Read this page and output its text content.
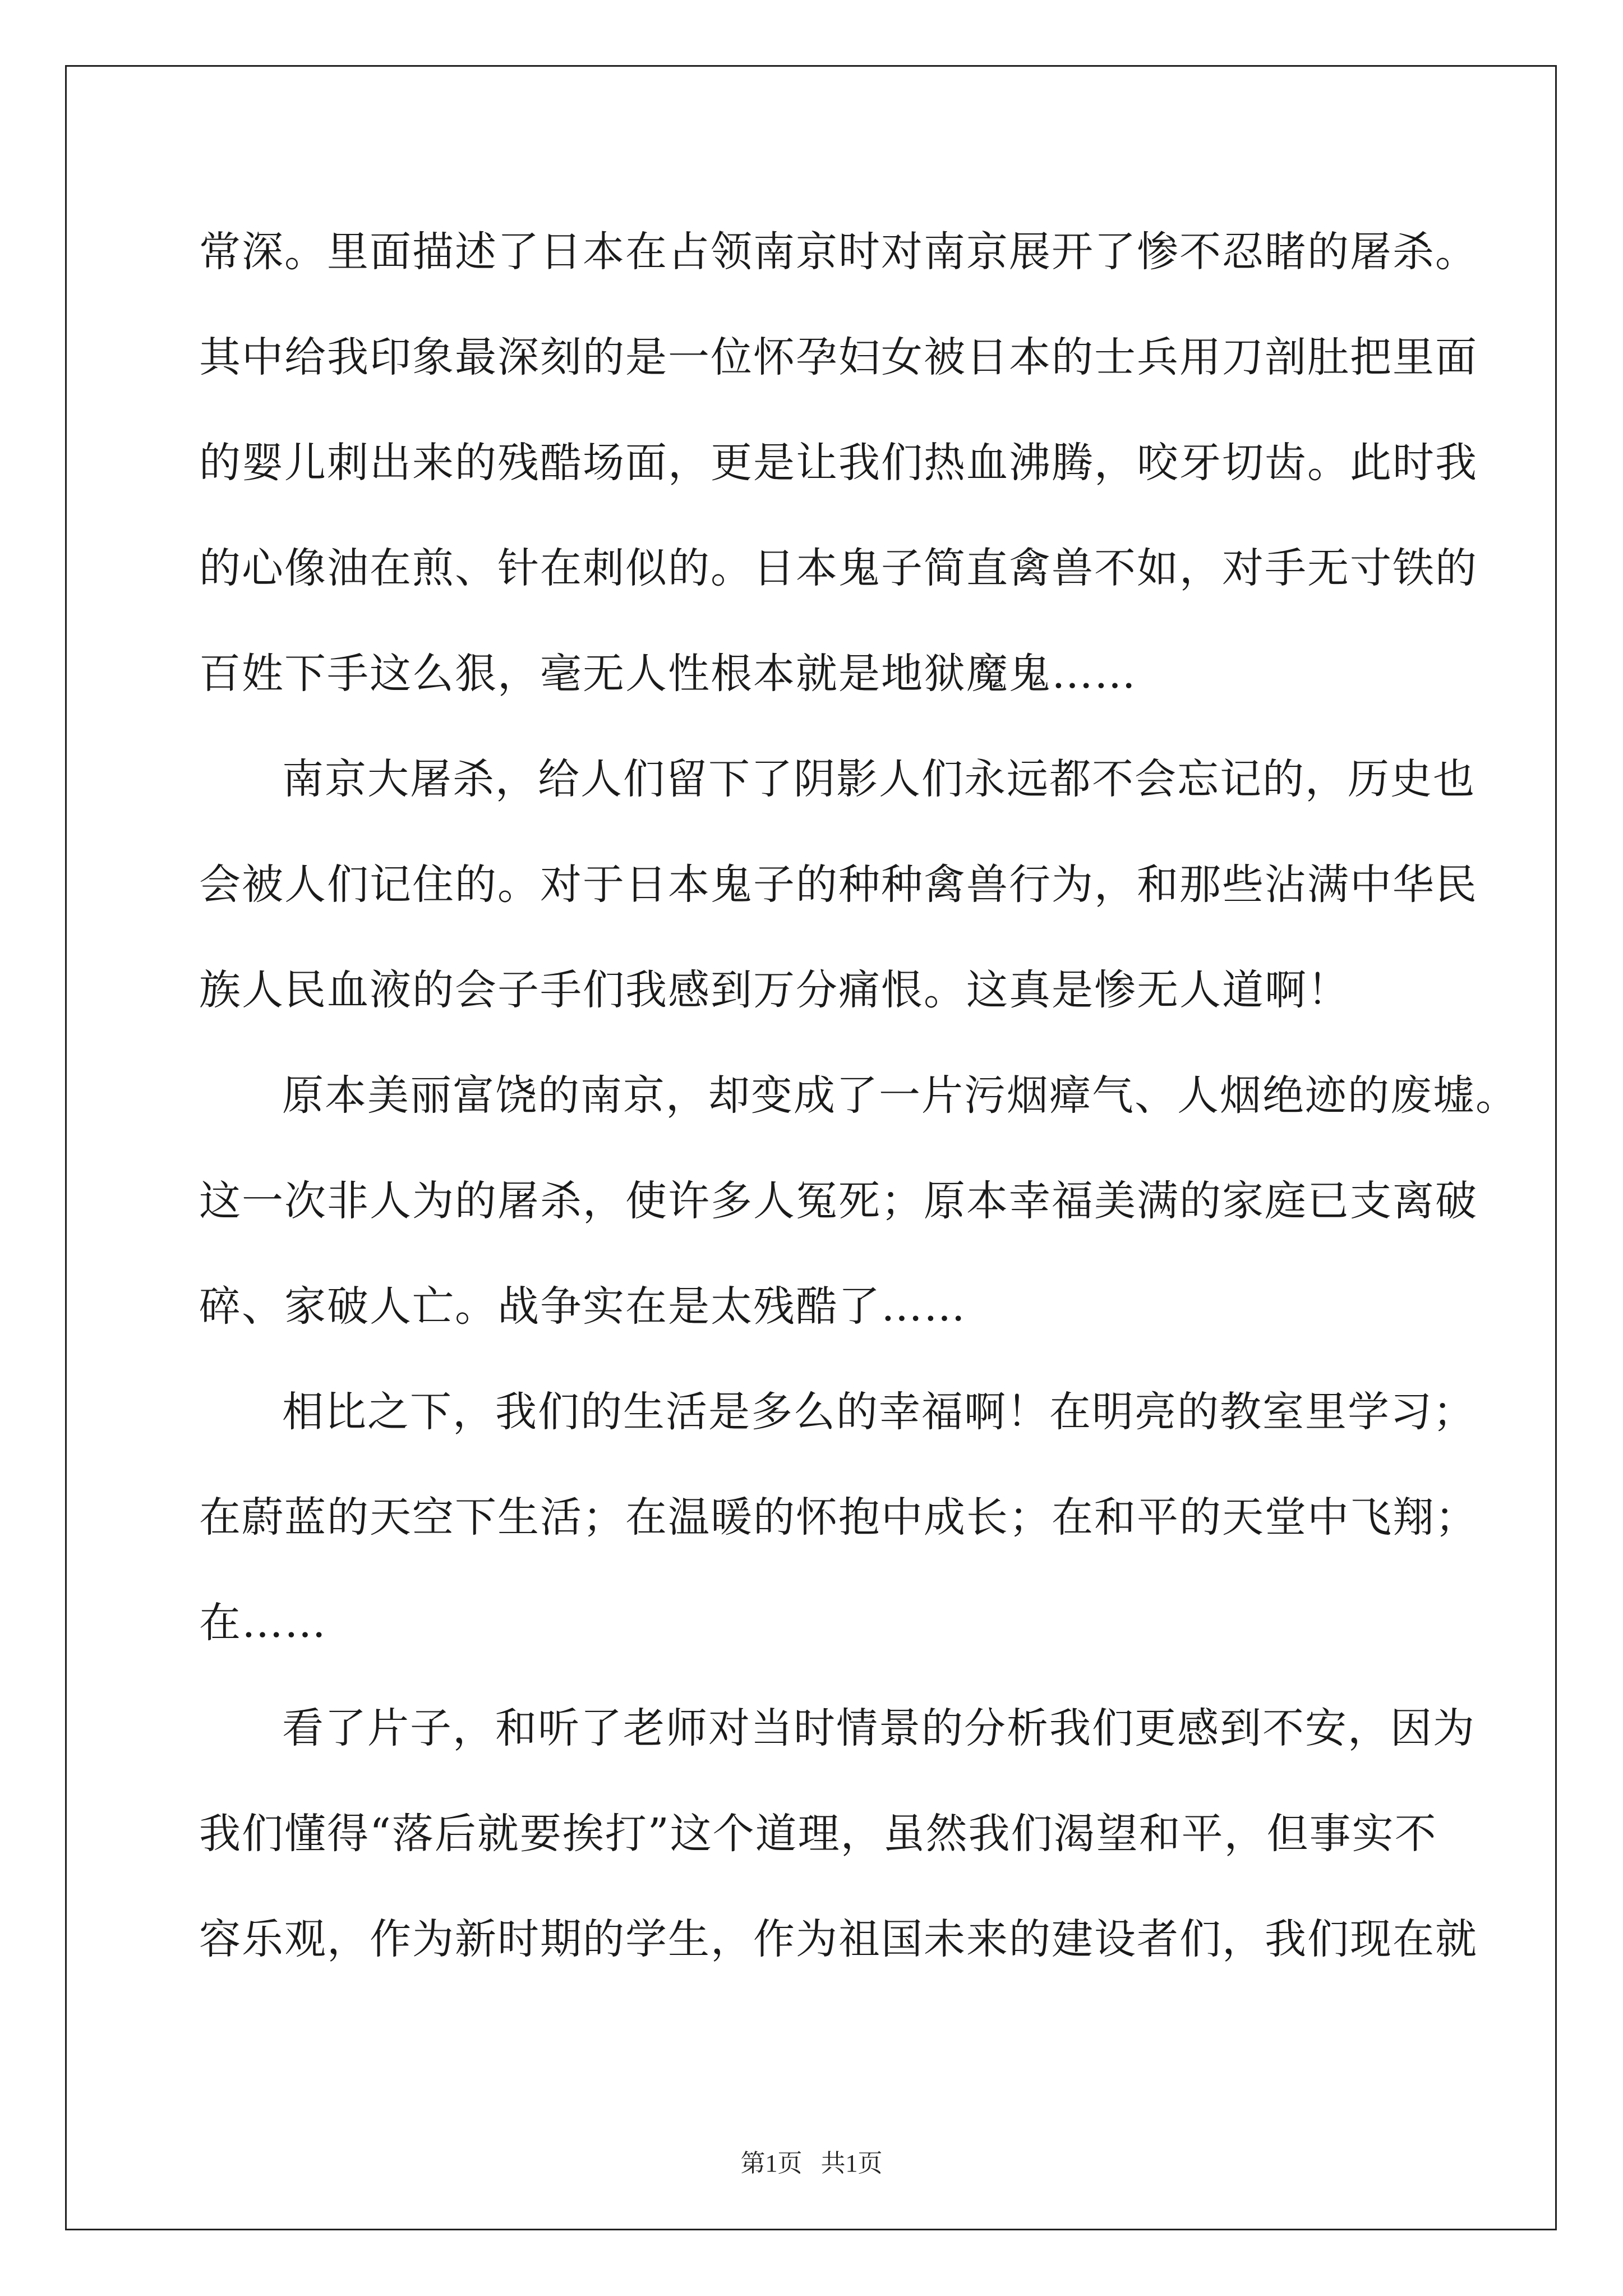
常深。里面描述了日本在占领南京时对南京展开了惨不忍睹的屠杀。
其中给我印象最深刻的是一位怀孕妇女被日本的士兵用刀剖肚把里面
的婴儿刺出来的残酷场面，更是让我们热血沸腾，咬牙切齿。此时我
的心像油在煎、针在刺似的。日本鬼子简直禽兽不如，对手无寸铁的
百姓下手这么狠，毫无人性根本就是地狱魔鬼……
南京大屠杀，给人们留下了阴影人们永远都不会忘记的，历史也
会被人们记住的。对于日本鬼子的种种禽兽行为，和那些沾满中华民
族人民血液的会子手们我感到万分痛恨。这真是惨无人道啊！
原本美丽富饶的南京，却变成了一片污烟瘴气、人烟绝迹的废墟。
这一次非人为的屠杀，使许多人冤死；原本幸福美满的家庭已支离破
碎、家破人亡。战争实在是太残酷了……
相比之下，我们的生活是多么的幸福啊！在明亮的教室里学习；
在蔚蓝的天空下生活；在温暖的怀抱中成长；在和平的天堂中飞翔；
在……
看了片子，和听了老师对当时情景的分析我们更感到不安，因为
我们懂得“落后就要挨打”这个道理，虽然我们渴望和平，但事实不
容乐观，作为新时期的学生，作为祖国未来的建设者们，我们现在就
第1页 共1页
